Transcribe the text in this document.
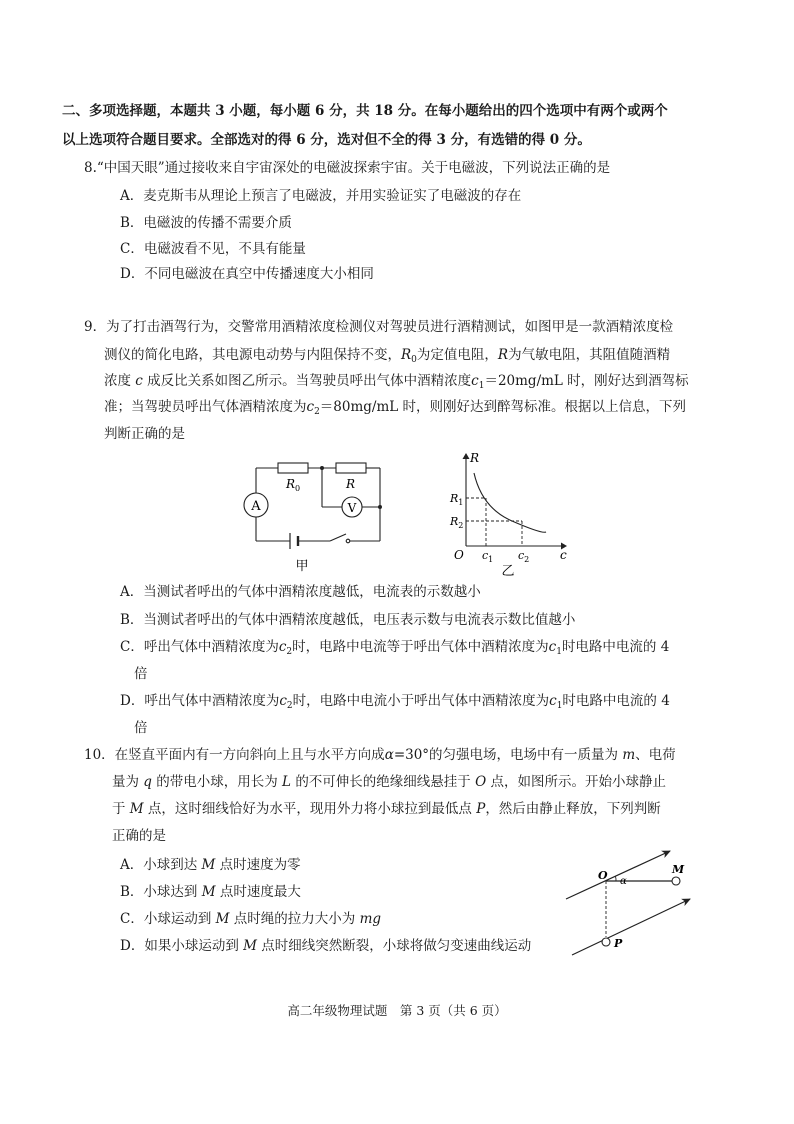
二、多项选择题，本题共 3 小题，每小题 6 分，共 18 分。在每小题给出的四个选项中有两个或两个
以上选项符合题目要求。全部选对的得 6 分，选对但不全的得 3 分，有选错的得 0 分。
8.“中国天眼”通过接收来自宇宙深处的电磁波探索宇宙。关于电磁波，下列说法正确的是
A．麦克斯韦从理论上预言了电磁波，并用实验证实了电磁波的存在
B．电磁波的传播不需要介质
C．电磁波看不见，不具有能量
D．不同电磁波在真空中传播速度大小相同
9．为了打击酒驾行为，交警常用酒精浓度检测仪对驾驶员进行酒精测试，如图甲是一款酒精浓度检
测仪的简化电路，其电源电动势与内阻保持不变，$R_0$为定值电阻，R为气敏电阻，其阻值随酒精
浓度 c 成反比关系如图乙所示。当驾驶员呼出气体中酒精浓度$c_1=20mg/mL$ 时，刚好达到酒驾标
准；当驾驶员呼出气体酒精浓度为$c_2=80mg/mL$ 时，则刚好达到醉驾标准。根据以上信息，下列
判断正确的是
A	V
$R_0$	R
甲
R
c
O
$R_1$
$R_2$
$c_1$ $c_2$
乙
A．当测试者呼出的气体中酒精浓度越低，电流表的示数越小
B．当测试者呼出的气体中酒精浓度越低，电压表示数与电流表示数比值越小
C．呼出气体中酒精浓度为$c_2$时，电路中电流等于呼出气体中酒精浓度为$c_1$时电路中电流的 4
倍
D．呼出气体中酒精浓度为$c_2$时，电路中电流小于呼出气体中酒精浓度为$c_1$时电路中电流的 4
倍
10．在竖直平面内有一方向斜向上且与水平方向成α=30°的匀强电场，电场中有一质量为 m、电荷
量为 q 的带电小球，用长为 L 的不可伸长的绝缘细线悬挂于 O 点，如图所示。开始小球静止
于 M 点，这时细线恰好为水平，现用外力将小球拉到最低点 P，然后由静止释放，下列判断
正确的是
A．小球到达 M 点时速度为零
B．小球达到 M 点时速度最大
C．小球运动到 M 点时绳的拉力大小为 mg
D．如果小球运动到 M 点时细线突然断裂，小球将做匀变速曲线运动
O α
M
P
高二年级物理试题　第 3 页（共 6 页）
